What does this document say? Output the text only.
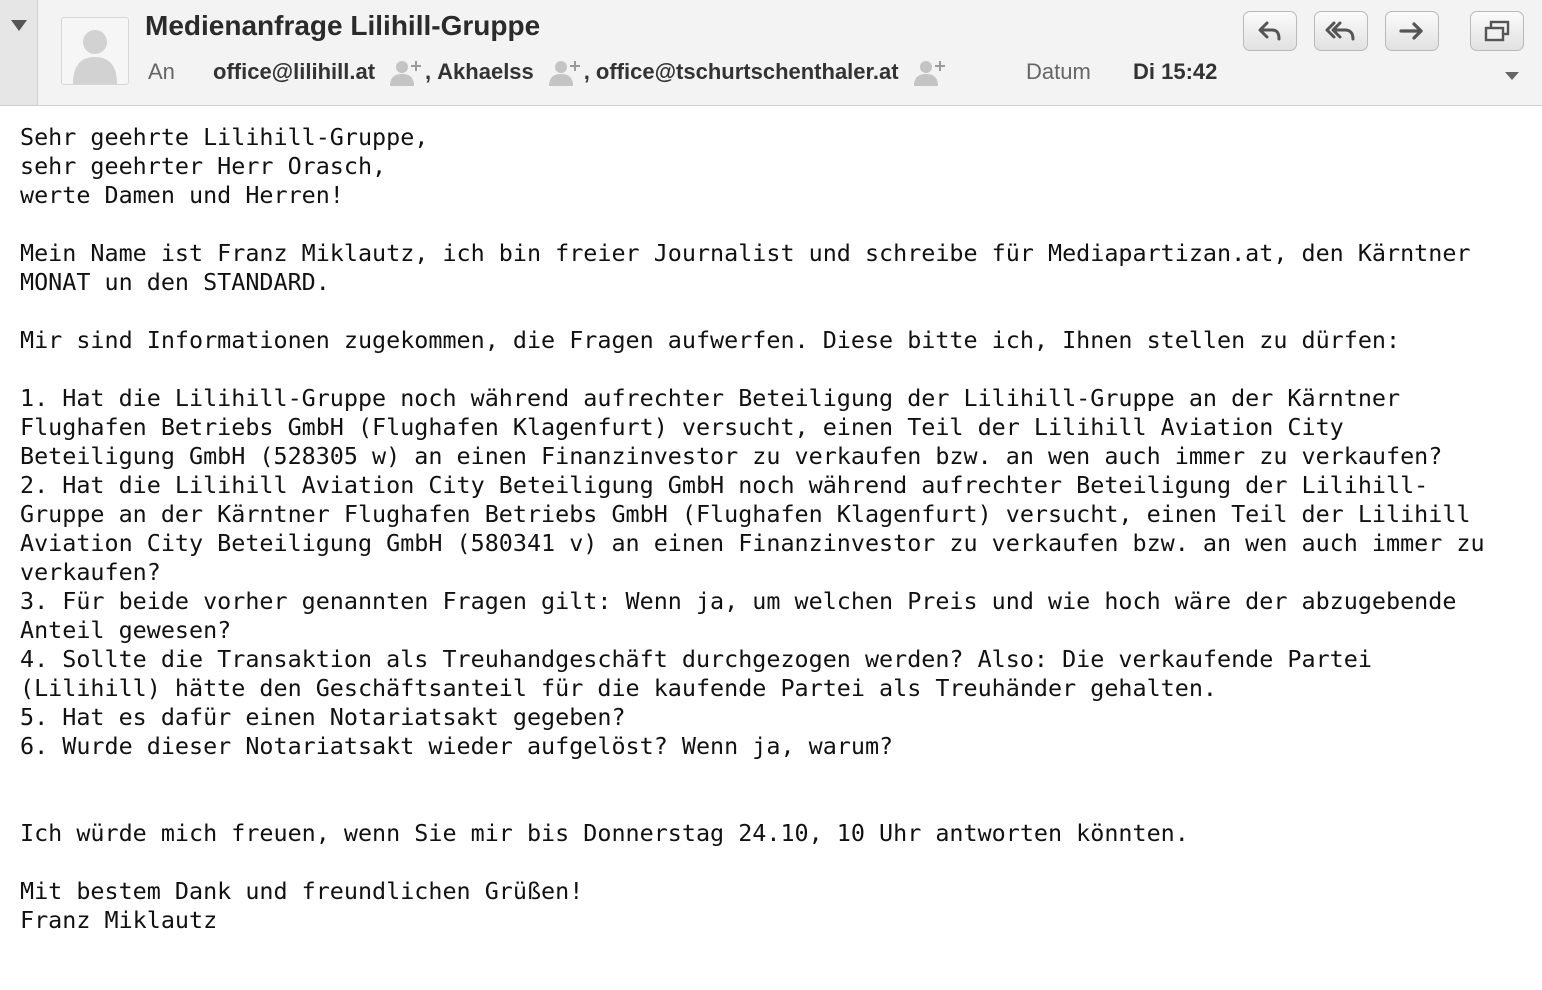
Medienanfrage Lilihill-Gruppe
An office@lilihill.at , Akhaelss , office@tschurtschenthaler.at	Datum Di 15:42
Sehr geehrte Lilihill-Gruppe,
sehr geehrter Herr Orasch,
werte Damen und Herren!
Mein Name ist Franz Miklautz, ich bin freier Journalist und schreibe für Mediapartizan.at, den Kärntner
MONAT un den STANDARD.
Mir sind Informationen zugekommen, die Fragen aufwerfen. Diese bitte ich, Ihnen stellen zu dürfen:
1. Hat die Lilihill-Gruppe noch während aufrechter Beteiligung der Lilihill-Gruppe an der Kärntner
Flughafen Betriebs GmbH (Flughafen Klagenfurt) versucht, einen Teil der Lilihill Aviation City
Beteiligung GmbH (528305 w) an einen Finanzinvestor zu verkaufen bzw. an wen auch immer zu verkaufen?
2. Hat die Lilihill Aviation City Beteiligung GmbH noch während aufrechter Beteiligung der Lilihill-
Gruppe an der Kärntner Flughafen Betriebs GmbH (Flughafen Klagenfurt) versucht, einen Teil der Lilihill
Aviation City Beteiligung GmbH (580341 v) an einen Finanzinvestor zu verkaufen bzw. an wen auch immer zu
verkaufen?
3. Für beide vorher genannten Fragen gilt: Wenn ja, um welchen Preis und wie hoch wäre der abzugebende
Anteil gewesen?
4. Sollte die Transaktion als Treuhandgeschäft durchgezogen werden? Also: Die verkaufende Partei
(Lilihill) hätte den Geschäftsanteil für die kaufende Partei als Treuhänder gehalten.
5. Hat es dafür einen Notariatsakt gegeben?
6. Wurde dieser Notariatsakt wieder aufgelöst? Wenn ja, warum?
Ich würde mich freuen, wenn Sie mir bis Donnerstag 24.10, 10 Uhr antworten könnten.
Mit bestem Dank und freundlichen Grüßen!
Franz Miklautz
